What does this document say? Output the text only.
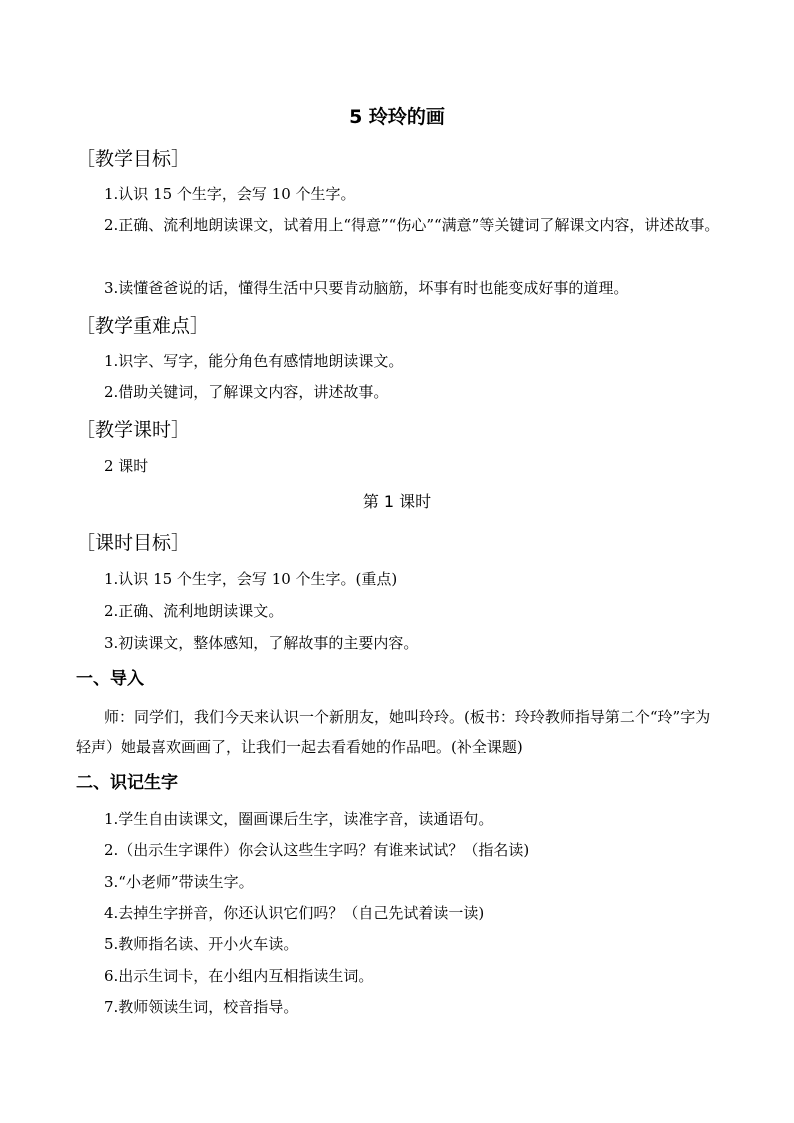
5 玲玲的画
［教学目标］
1.认识 15 个生字，会写 10 个生字。
2.正确、流利地朗读课文，试着用上“得意”“伤心”“满意”等关键词了解课文内容，讲述故事。
3.读懂爸爸说的话，懂得生活中只要肯动脑筋，坏事有时也能变成好事的道理。
［教学重难点］
1.识字、写字，能分角色有感情地朗读课文。
2.借助关键词，了解课文内容，讲述故事。
［教学课时］
2 课时
第 1 课时
［课时目标］
1.认识 15 个生字，会写 10 个生字。(重点)
2.正确、流利地朗读课文。
3.初读课文，整体感知，了解故事的主要内容。
一、导入
师：同学们，我们今天来认识一个新朋友，她叫玲玲。(板书：玲玲教师指导第二个“玲”字为轻声）她最喜欢画画了，让我们一起去看看她的作品吧。(补全课题)
二、识记生字
1.学生自由读课文，圈画课后生字，读准字音，读通语句。
2.（出示生字课件）你会认这些生字吗？有谁来试试？（指名读)
3.“小老师”带读生字。
4.去掉生字拼音，你还认识它们吗？（自己先试着读一读)
5.教师指名读、开小火车读。
6.出示生词卡，在小组内互相指读生词。
7.教师领读生词，校音指导。
